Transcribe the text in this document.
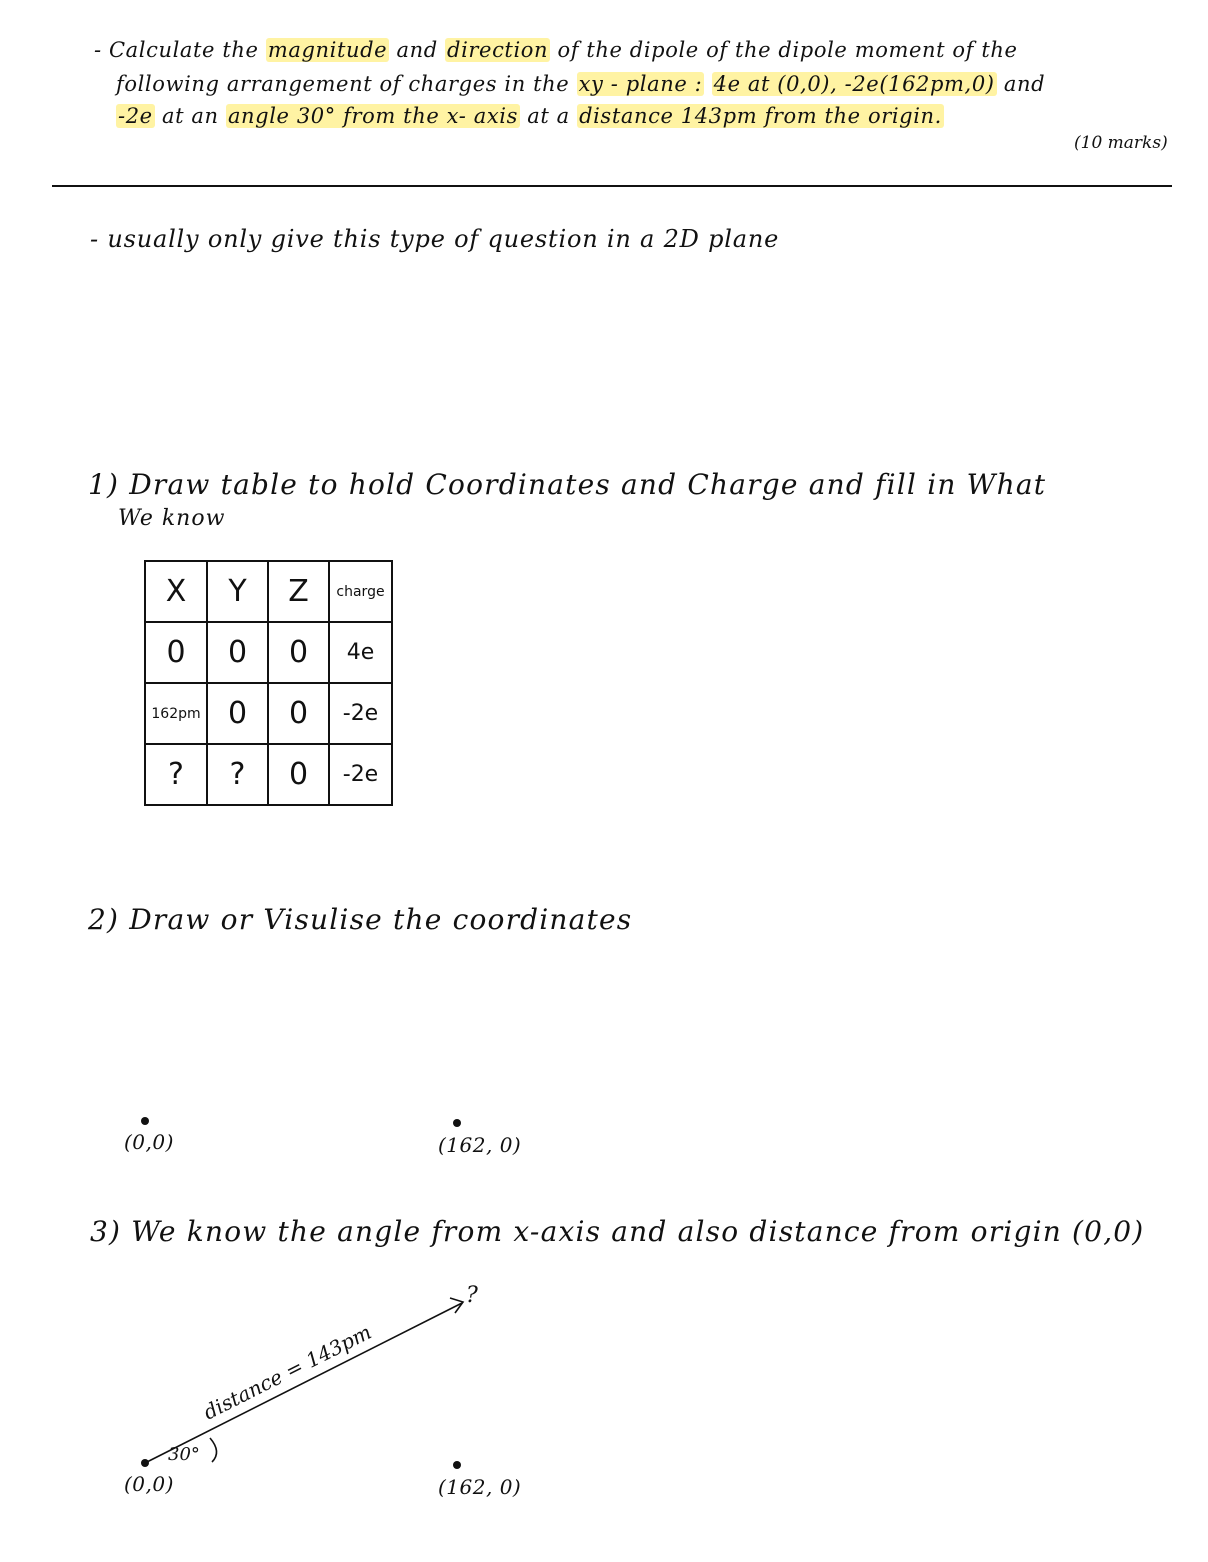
- Calculate the magnitude and direction of the dipole of the dipole moment of the
following arrangement of charges in the xy - plane : 4e at (0,0), -2e(162pm,0) and
-2e at an angle 30° from the x- axis at a distance 143pm from the origin.
(10 marks)
- usually only give this type of question in a 2D plane
1) Draw table to hold Coordinates and Charge and fill in What
We know
X	Y	Z	charge
0	0	0	4e
162pm	0	0	-2e
?	?	0	-2e
2) Draw or Visulise the coordinates
(0,0)	(162, 0)
3) We know the angle from x-axis and also distance from origin (0,0)
distance = 143pm
30°
?
(0,0)	(162, 0)
